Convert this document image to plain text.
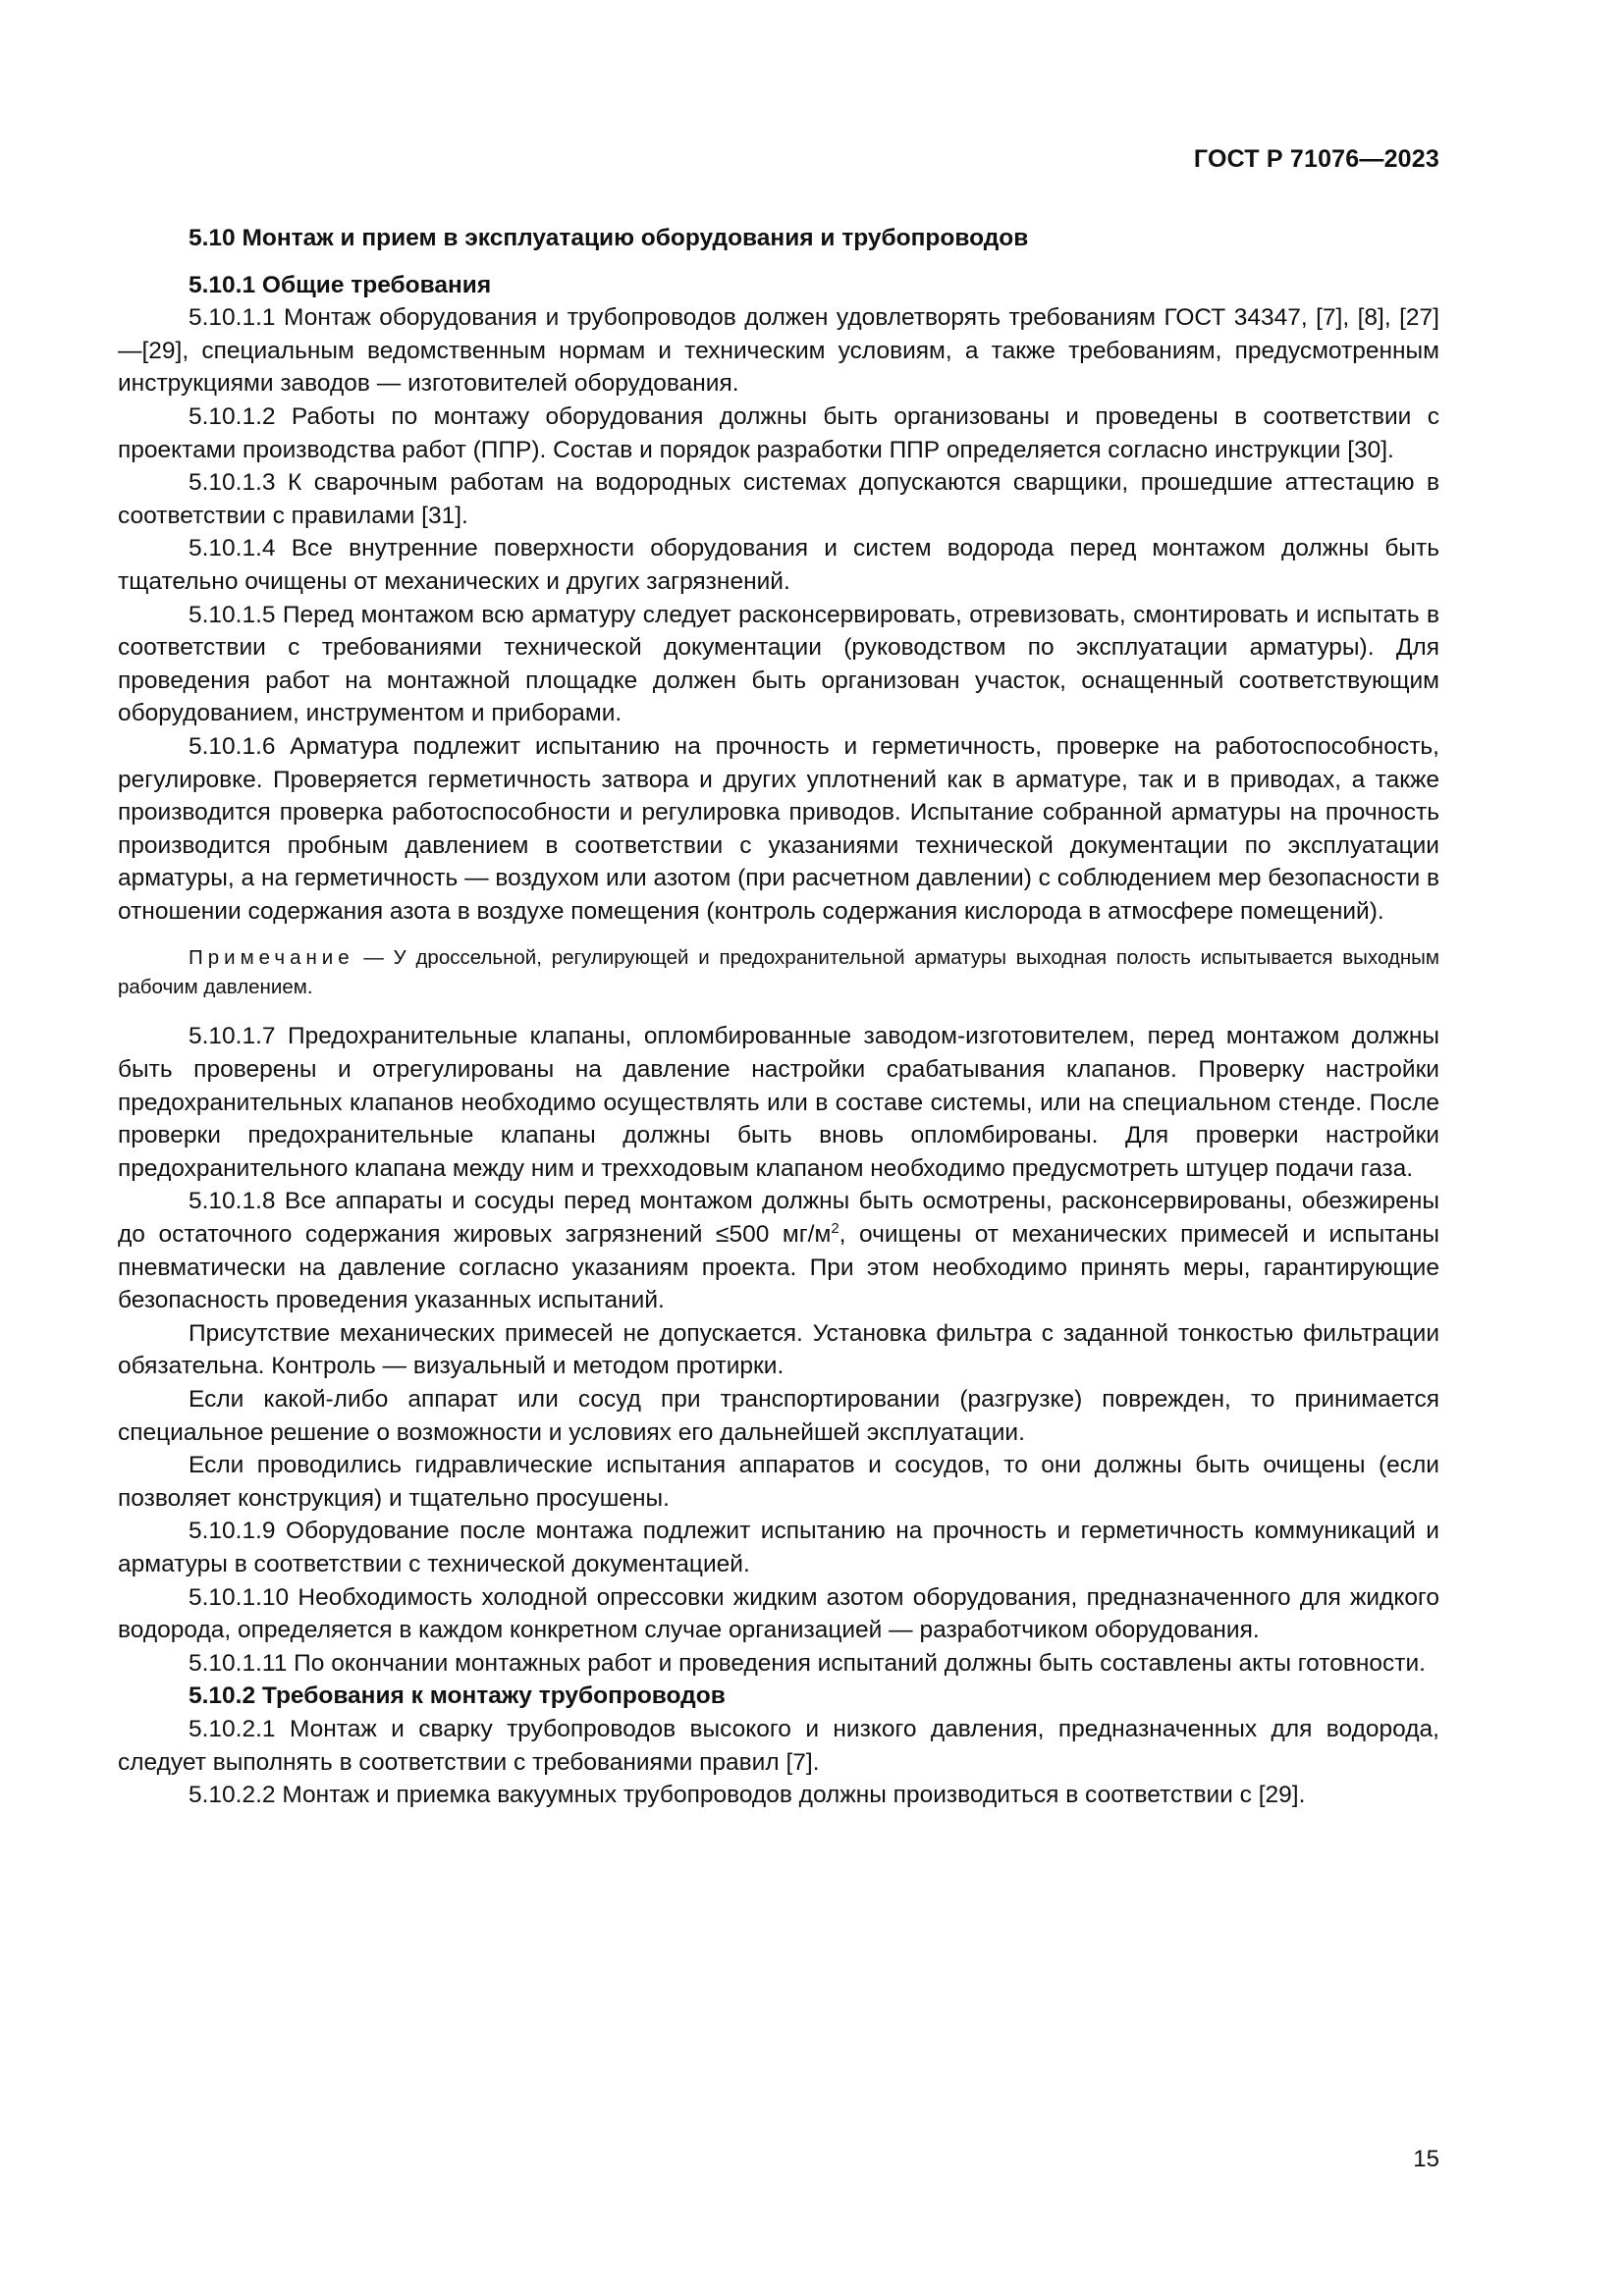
ГОСТ Р 71076—2023

5.10 Монтаж и прием в эксплуатацию оборудования и трубопроводов

5.10.1 Общие требования

5.10.1.1 Монтаж оборудования и трубопроводов должен удовлетворять требованиям ГОСТ 34347, [7], [8], [27]—[29], специальным ведомственным нормам и техническим условиям, а также требованиям, предусмотренным инструкциями заводов — изготовителей оборудования.

5.10.1.2 Работы по монтажу оборудования должны быть организованы и проведены в соответствии с проектами производства работ (ППР). Состав и порядок разработки ППР определяется согласно инструкции [30].

5.10.1.3 К сварочным работам на водородных системах допускаются сварщики, прошедшие аттестацию в соответствии с правилами [31].

5.10.1.4 Все внутренние поверхности оборудования и систем водорода перед монтажом должны быть тщательно очищены от механических и других загрязнений.

5.10.1.5 Перед монтажом всю арматуру следует расконсервировать, отревизовать, смонтировать и испытать в соответствии с требованиями технической документации (руководством по эксплуатации арматуры). Для проведения работ на монтажной площадке должен быть организован участок, оснащенный соответствующим оборудованием, инструментом и приборами.

5.10.1.6 Арматура подлежит испытанию на прочность и герметичность, проверке на работоспособность, регулировке. Проверяется герметичность затвора и других уплотнений как в арматуре, так и в приводах, а также производится проверка работоспособности и регулировка приводов. Испытание собранной арматуры на прочность производится пробным давлением в соответствии с указаниями технической документации по эксплуатации арматуры, а на герметичность — воздухом или азотом (при расчетном давлении) с соблюдением мер безопасности в отношении содержания азота в воздухе помещения (контроль содержания кислорода в атмосфере помещений).

Примечание — У дроссельной, регулирующей и предохранительной арматуры выходная полость испытывается выходным рабочим давлением.

5.10.1.7 Предохранительные клапаны, опломбированные заводом-изготовителем, перед монтажом должны быть проверены и отрегулированы на давление настройки срабатывания клапанов. Проверку настройки предохранительных клапанов необходимо осуществлять или в составе системы, или на специальном стенде. После проверки предохранительные клапаны должны быть вновь опломбированы. Для проверки настройки предохранительного клапана между ним и трехходовым клапаном необходимо предусмотреть штуцер подачи газа.

5.10.1.8 Все аппараты и сосуды перед монтажом должны быть осмотрены, расконсервированы, обезжирены до остаточного содержания жировых загрязнений ≤500 $мг/м^2$, очищены от механических примесей и испытаны пневматически на давление согласно указаниям проекта. При этом необходимо принять меры, гарантирующие безопасность проведения указанных испытаний.

Присутствие механических примесей не допускается. Установка фильтра с заданной тонкостью фильтрации обязательна. Контроль — визуальный и методом протирки.

Если какой-либо аппарат или сосуд при транспортировании (разгрузке) поврежден, то принимается специальное решение о возможности и условиях его дальнейшей эксплуатации.

Если проводились гидравлические испытания аппаратов и сосудов, то они должны быть очищены (если позволяет конструкция) и тщательно просушены.

5.10.1.9 Оборудование после монтажа подлежит испытанию на прочность и герметичность коммуникаций и арматуры в соответствии с технической документацией.

5.10.1.10 Необходимость холодной опрессовки жидким азотом оборудования, предназначенного для жидкого водорода, определяется в каждом конкретном случае организацией — разработчиком оборудования.

5.10.1.11 По окончании монтажных работ и проведения испытаний должны быть составлены акты готовности.

5.10.2 Требования к монтажу трубопроводов

5.10.2.1 Монтаж и сварку трубопроводов высокого и низкого давления, предназначенных для водорода, следует выполнять в соответствии с требованиями правил [7].

5.10.2.2 Монтаж и приемка вакуумных трубопроводов должны производиться в соответствии с [29].

15
